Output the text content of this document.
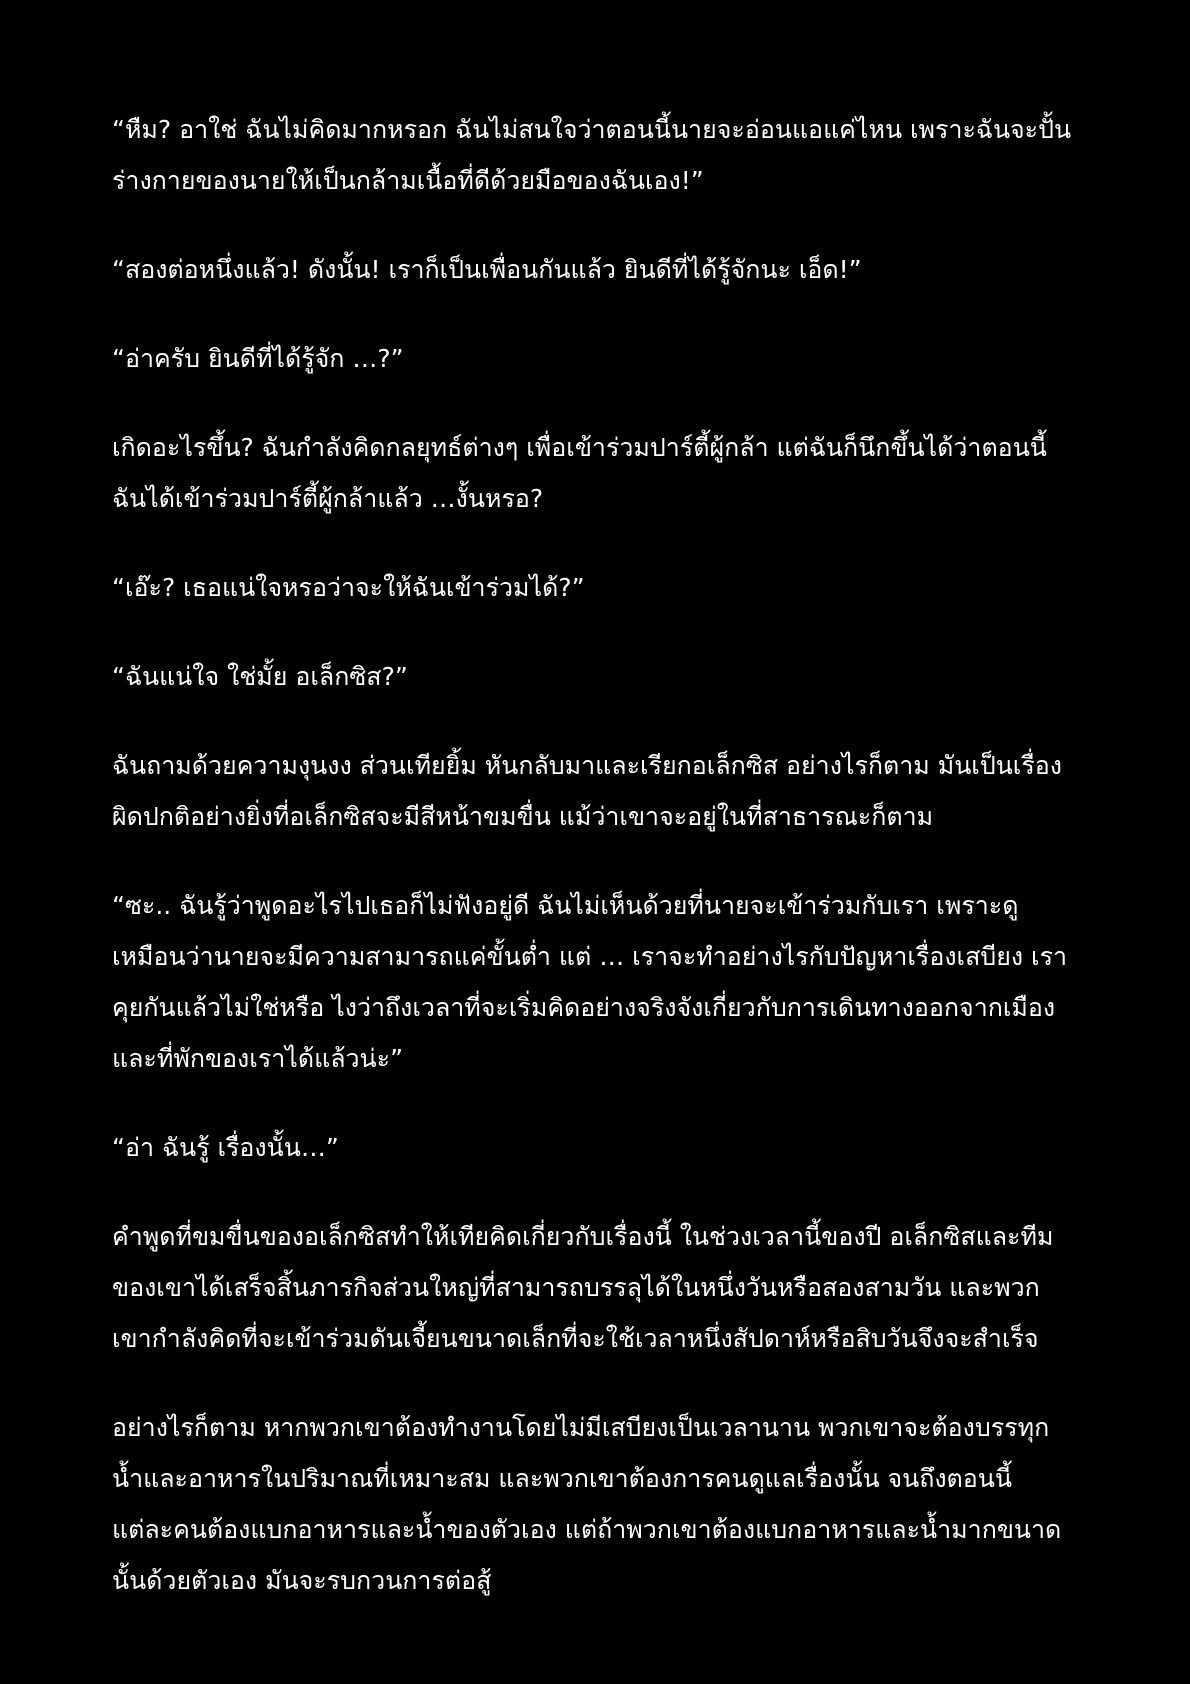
“หืม? อาใช่ ฉันไม่คิดมากหรอก ฉันไม่สนใจว่าตอนนี้นายจะอ่อนแอแค่ไหน เพราะฉันจะปั้นร่างกายของนายให้เป็นกล้ามเนื้อที่ดีด้วยมือของฉันเอง!”

“สองต่อหนึ่งแล้ว! ดังนั้น! เราก็เป็นเพื่อนกันแล้ว ยินดีที่ได้รู้จักนะ เอ็ด!”

“อ่าครับ ยินดีที่ได้รู้จัก …?”

เกิดอะไรขึ้น? ฉันกำลังคิดกลยุทธ์ต่างๆ เพื่อเข้าร่วมปาร์ตี้ผู้กล้า แต่ฉันก็นึกขึ้นได้ว่าตอนนี้ฉันได้เข้าร่วมปาร์ตี้ผู้กล้าแล้ว …งั้นหรอ?

“เอ๊ะ? เธอแน่ใจหรอว่าจะให้ฉันเข้าร่วมได้?”

“ฉันแน่ใจ ใช่มั้ย อเล็กซิส?”

ฉันถามด้วยความงุนงง ส่วนเทียยิ้ม หันกลับมาและเรียกอเล็กซิส อย่างไรก็ตาม มันเป็นเรื่องผิดปกติอย่างยิ่งที่อเล็กซิสจะมีสีหน้าขมขื่น แม้ว่าเขาจะอยู่ในที่สาธารณะก็ตาม

“ซะ.. ฉันรู้ว่าพูดอะไรไปเธอก็ไม่ฟังอยู่ดี ฉันไม่เห็นด้วยที่นายจะเข้าร่วมกับเรา เพราะดูเหมือนว่านายจะมีความสามารถแค่ขั้นต่ำ แต่ … เราจะทำอย่างไรกับปัญหาเรื่องเสบียง เราคุยกันแล้วไม่ใช่หรือ ไงว่าถึงเวลาที่จะเริ่มคิดอย่างจริงจังเกี่ยวกับการเดินทางออกจากเมืองและที่พักของเราได้แล้วน่ะ”

“อ่า ฉันรู้ เรื่องนั้น…”

คำพูดที่ขมขื่นของอเล็กซิสทำให้เทียคิดเกี่ยวกับเรื่องนี้ ในช่วงเวลานี้ของปี อเล็กซิสและทีมของเขาได้เสร็จสิ้นภารกิจส่วนใหญ่ที่สามารถบรรลุได้ในหนึ่งวันหรือสองสามวัน และพวกเขากำลังคิดที่จะเข้าร่วมดันเจี้ยนขนาดเล็กที่จะใช้เวลาหนึ่งสัปดาห์หรือสิบวันจึงจะสำเร็จ

อย่างไรก็ตาม หากพวกเขาต้องทำงานโดยไม่มีเสบียงเป็นเวลานาน พวกเขาจะต้องบรรทุกน้ำและอาหารในปริมาณที่เหมาะสม และพวกเขาต้องการคนดูแลเรื่องนั้น จนถึงตอนนี้ แต่ละคนต้องแบกอาหารและน้ำของตัวเอง แต่ถ้าพวกเขาต้องแบกอาหารและน้ำมากขนาดนั้นด้วยตัวเอง มันจะรบกวนการต่อสู้
